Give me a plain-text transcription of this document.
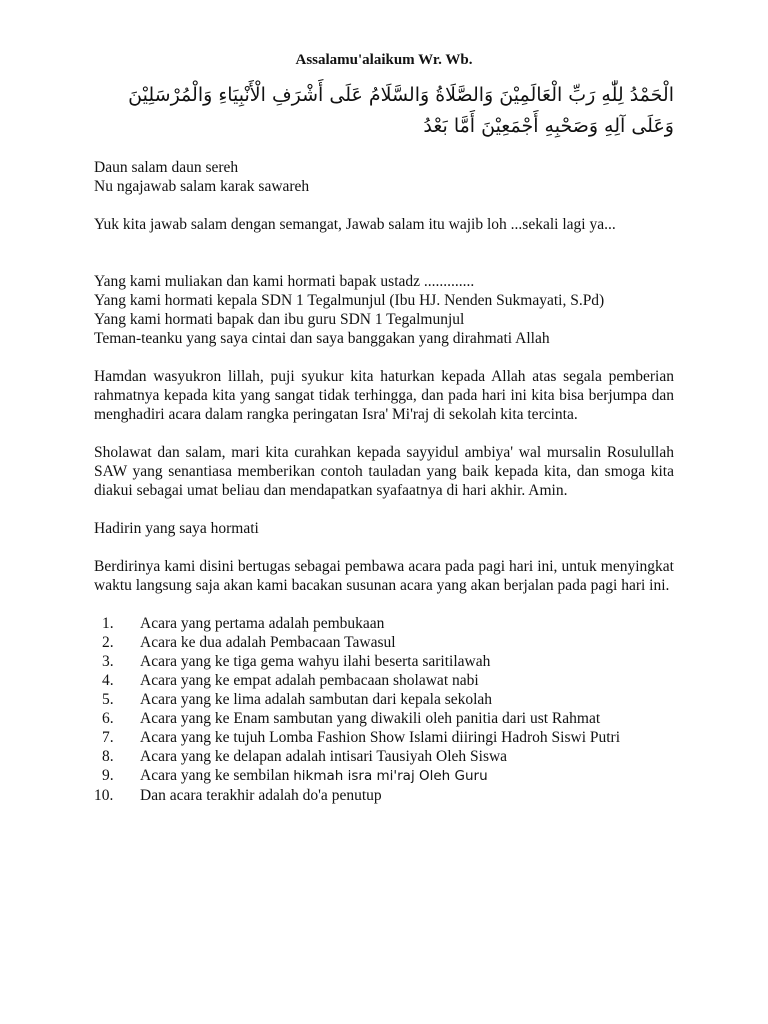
Assalamu'alaikum Wr. Wb.
الْحَمْدُ لِلّٰهِ رَبِّ الْعَالَمِيْنَ وَالصَّلَاةُ وَالسَّلَامُ عَلَى أَشْرَفِ الْأَنْبِيَاءِ وَالْمُرْسَلِيْنَ
وَعَلَى آلِهِ وَصَحْبِهِ أَجْمَعِيْنَ أَمَّا بَعْدُ
Daun salam daun sereh
Nu ngajawab salam karak sawareh

Yuk kita jawab salam dengan semangat, Jawab salam itu wajib loh ...sekali lagi ya...

Yang kami muliakan dan kami hormati bapak ustadz .............
Yang kami hormati kepala SDN 1 Tegalmunjul (Ibu HJ. Nenden Sukmayati, S.Pd)
Yang kami hormati bapak dan ibu guru SDN 1 Tegalmunjul
Teman-teanku yang saya cintai dan saya banggakan yang dirahmati Allah

Hamdan wasyukron lillah, puji syukur kita haturkan kepada Allah atas segala pemberian rahmatnya kepada kita yang sangat tidak terhingga, dan pada hari ini kita bisa berjumpa dan menghadiri acara dalam rangka peringatan Isra' Mi'raj di sekolah kita tercinta.

Sholawat dan salam, mari kita curahkan kepada sayyidul ambiya' wal mursalin Rosulullah SAW yang senantiasa memberikan contoh tauladan yang baik kepada kita, dan smoga kita diakui sebagai umat beliau dan mendapatkan syafaatnya di hari akhir. Amin.

Hadirin yang saya hormati

Berdirinya kami disini bertugas sebagai pembawa acara pada pagi hari ini, untuk menyingkat waktu langsung saja akan kami bacakan susunan acara yang akan berjalan pada pagi hari ini.

1. Acara yang pertama adalah pembukaan
2. Acara ke dua adalah Pembacaan Tawasul
3. Acara yang ke tiga gema wahyu ilahi beserta saritilawah
4. Acara yang ke empat adalah pembacaan sholawat nabi
5. Acara yang ke lima adalah sambutan dari kepala sekolah
6. Acara yang ke Enam sambutan yang diwakili oleh panitia dari ust Rahmat
7. Acara yang ke tujuh Lomba Fashion Show Islami diiringi Hadroh Siswi Putri
8. Acara yang ke delapan adalah intisari Tausiyah Oleh Siswa
9. Acara yang ke sembilan hikmah isra mi'raj Oleh Guru
10. Dan acara terakhir adalah do'a penutup
